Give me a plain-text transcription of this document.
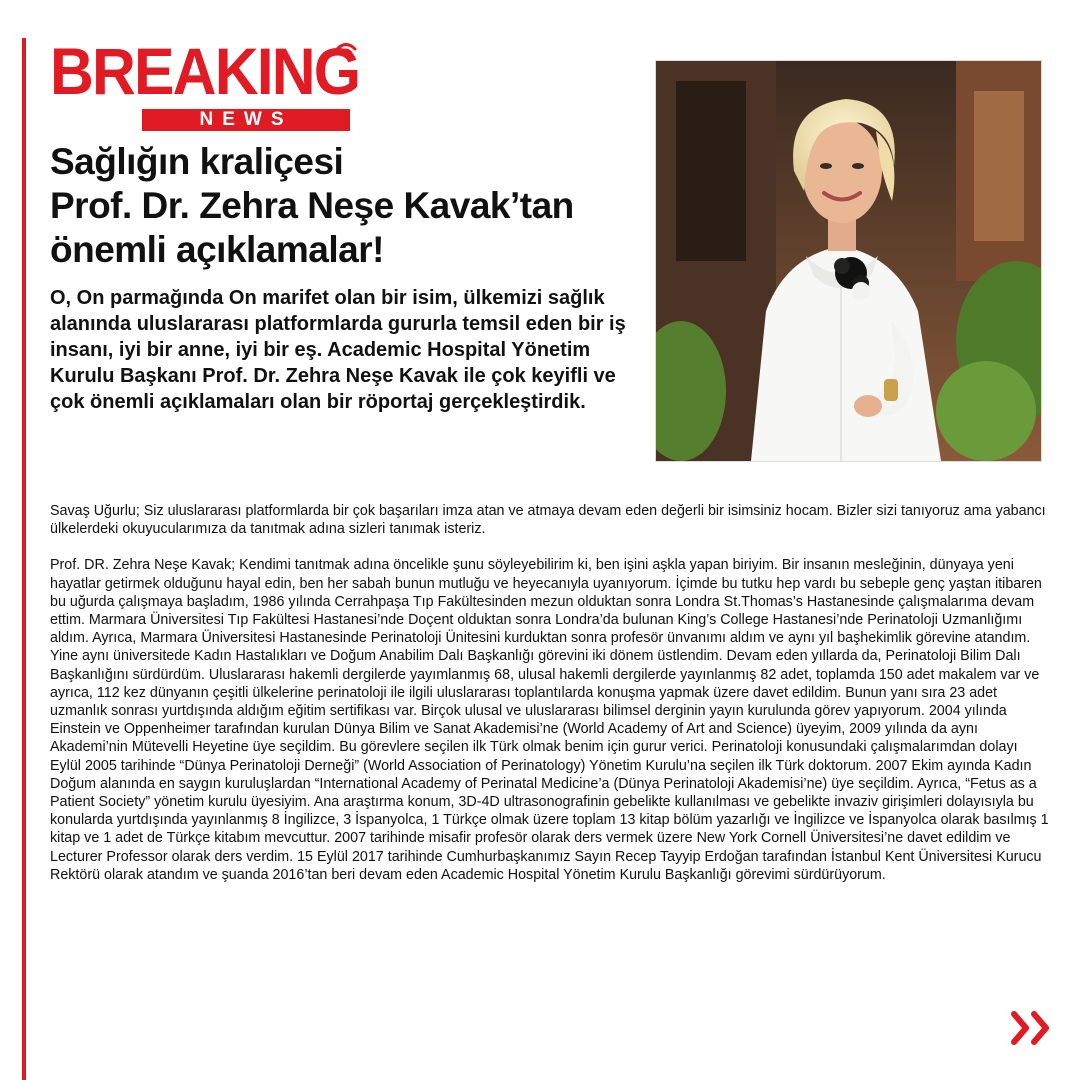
BREAKING
NEWS
Sağlığın kraliçesi
Prof. Dr. Zehra Neşe Kavak’tan
önemli açıklamalar!

O, On parmağında On marifet olan bir isim, ülkemizi sağlık alanında uluslararası platformlarda gururla temsil eden bir iş insanı, iyi bir anne, iyi bir eş. Academic Hospital Yönetim Kurulu Başkanı Prof. Dr. Zehra Neşe Kavak ile çok keyifli ve çok önemli açıklamaları olan bir röportaj gerçekleştirdik.

Savaş Uğurlu; Siz uluslararası platformlarda bir çok başarıları imza atan ve atmaya devam eden değerli bir isimsiniz hocam. Bizler sizi tanıyoruz ama yabancı ülkelerdeki okuyucularımıza da tanıtmak adına sizleri tanımak isteriz.

Prof. DR. Zehra Neşe Kavak; Kendimi tanıtmak adına öncelikle şunu söyleyebilirim ki, ben işini aşkla yapan biriyim. Bir insanın mesleğinin, dünyaya yeni hayatlar getirmek olduğunu hayal edin, ben her sabah bunun mutluğu ve heyecanıyla uyanıyorum. İçimde bu tutku hep vardı bu sebeple genç yaştan itibaren bu uğurda çalışmaya başladım, 1986 yılında Cerrahpaşa Tıp Fakültesinden mezun olduktan sonra Londra St.Thomas’s Hastanesinde çalışmalarıma devam ettim. Marmara Üniversitesi Tıp Fakültesi Hastanesi’nde Doçent olduktan sonra Londra’da bulunan King’s College Hastanesi’nde Perinatoloji Uzmanlığımı aldım. Ayrıca, Marmara Üniversitesi Hastanesinde Perinatoloji Ünitesini kurduktan sonra profesör ünvanımı aldım ve aynı yıl başhekimlik görevine atandım. Yine aynı üniversitede Kadın Hastalıkları ve Doğum Anabilim Dalı Başkanlığı görevini iki dönem üstlendim. Devam eden yıllarda da, Perinatoloji Bilim Dalı Başkanlığını sürdürdüm. Uluslararası hakemli dergilerde yayımlanmış 68, ulusal hakemli dergilerde yayınlanmış 82 adet, toplamda 150 adet makalem var ve ayrıca, 112 kez dünyanın çeşitli ülkelerine perinatoloji ile ilgili uluslararası toplantılarda konuşma yapmak üzere davet edildim. Bunun yanı sıra 23 adet uzmanlık sonrası yurtdışında aldığım eğitim sertifikası var. Birçok ulusal ve uluslararası bilimsel derginin yayın kurulunda görev yapıyorum. 2004 yılında Einstein ve Oppenheimer tarafından kurulan Dünya Bilim ve Sanat Akademisi’ne (World Academy of Art and Science) üyeyim, 2009 yılında da aynı Akademi’nin Mütevelli Heyetine üye seçildim. Bu görevlere seçilen ilk Türk olmak benim için gurur verici. Perinatoloji konusundaki çalışmalarımdan dolayı Eylül 2005 tarihinde “Dünya Perinatoloji Derneği” (World Association of Perinatology) Yönetim Kurulu’na seçilen ilk Türk doktorum. 2007 Ekim ayında Kadın Doğum alanında en saygın kuruluşlardan “International Academy of Perinatal Medicine’a (Dünya Perinatoloji Akademisi’ne) üye seçildim. Ayrıca, “Fetus as a Patient Society” yönetim kurulu üyesiyim. Ana araştırma konum, 3D-4D ultrasonografinin gebelikte kullanılması ve gebelikte invaziv girişimleri dolayısıyla bu konularda yurtdışında yayınlanmış 8 İngilizce, 3 İspanyolca, 1 Türkçe olmak üzere toplam 13 kitap bölüm yazarlığı ve İngilizce ve İspanyolca olarak basılmış 1 kitap ve 1 adet de Türkçe kitabım mevcuttur. 2007 tarihinde misafir profesör olarak ders vermek üzere New York Cornell Üniversitesi’ne davet edildim ve Lecturer Professor olarak ders verdim. 15 Eylül 2017 tarihinde Cumhurbaşkanımız Sayın Recep Tayyip Erdoğan tarafından İstanbul Kent Üniversitesi Kurucu Rektörü olarak atandım ve şuanda 2016’tan beri devam eden Academic Hospital Yönetim Kurulu Başkanlığı görevimi sürdürüyorum.
